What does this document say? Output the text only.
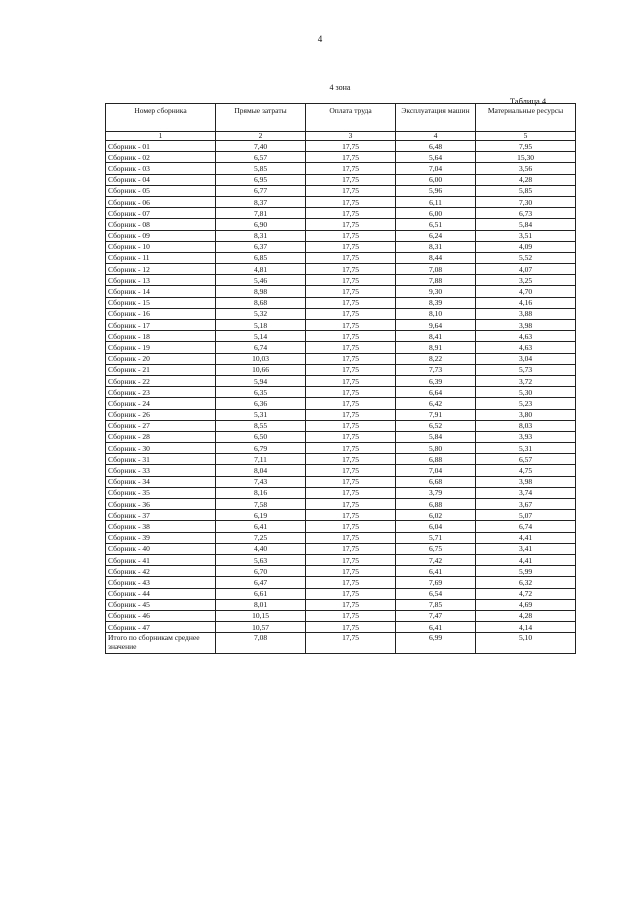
4
4 зона
Таблица 4
Номер сборника	Прямые затраты	Оплата труда	Эксплуатация машин	Материальные ресурсы
1	2	3	4	5
Сборник - 01	7,40	17,75	6,48	7,95
Сборник - 02	6,57	17,75	5,64	15,30
Сборник - 03	5,85	17,75	7,04	3,56
Сборник - 04	6,95	17,75	6,00	4,28
Сборник - 05	6,77	17,75	5,96	5,85
Сборник - 06	8,37	17,75	6,11	7,30
Сборник - 07	7,81	17,75	6,00	6,73
Сборник - 08	6,90	17,75	6,51	5,84
Сборник - 09	8,31	17,75	6,24	3,51
Сборник - 10	6,37	17,75	8,31	4,09
Сборник - 11	6,85	17,75	8,44	5,52
Сборник - 12	4,81	17,75	7,08	4,07
Сборник - 13	5,46	17,75	7,88	3,25
Сборник - 14	8,98	17,75	9,30	4,70
Сборник - 15	8,68	17,75	8,39	4,16
Сборник - 16	5,32	17,75	8,10	3,88
Сборник - 17	5,18	17,75	9,64	3,98
Сборник - 18	5,14	17,75	8,41	4,63
Сборник - 19	6,74	17,75	8,91	4,63
Сборник - 20	10,03	17,75	8,22	3,04
Сборник - 21	10,66	17,75	7,73	5,73
Сборник - 22	5,94	17,75	6,39	3,72
Сборник - 23	6,35	17,75	6,64	5,30
Сборник - 24	6,36	17,75	6,42	5,23
Сборник - 26	5,31	17,75	7,91	3,80
Сборник - 27	8,55	17,75	6,52	8,03
Сборник - 28	6,50	17,75	5,84	3,93
Сборник - 30	6,79	17,75	5,80	5,31
Сборник - 31	7,11	17,75	6,88	6,57
Сборник - 33	8,04	17,75	7,04	4,75
Сборник - 34	7,43	17,75	6,68	3,98
Сборник - 35	8,16	17,75	3,79	3,74
Сборник - 36	7,58	17,75	6,88	3,67
Сборник - 37	6,19	17,75	6,02	5,07
Сборник - 38	6,41	17,75	6,04	6,74
Сборник - 39	7,25	17,75	5,71	4,41
Сборник - 40	4,40	17,75	6,75	3,41
Сборник - 41	5,63	17,75	7,42	4,41
Сборник - 42	6,70	17,75	6,41	5,99
Сборник - 43	6,47	17,75	7,69	6,32
Сборник - 44	6,61	17,75	6,54	4,72
Сборник - 45	8,01	17,75	7,85	4,69
Сборник - 46	10,15	17,75	7,47	4,28
Сборник - 47	10,57	17,75	6,41	4,14
Итого по сборникам среднее значение	7,08	17,75	6,99	5,10
